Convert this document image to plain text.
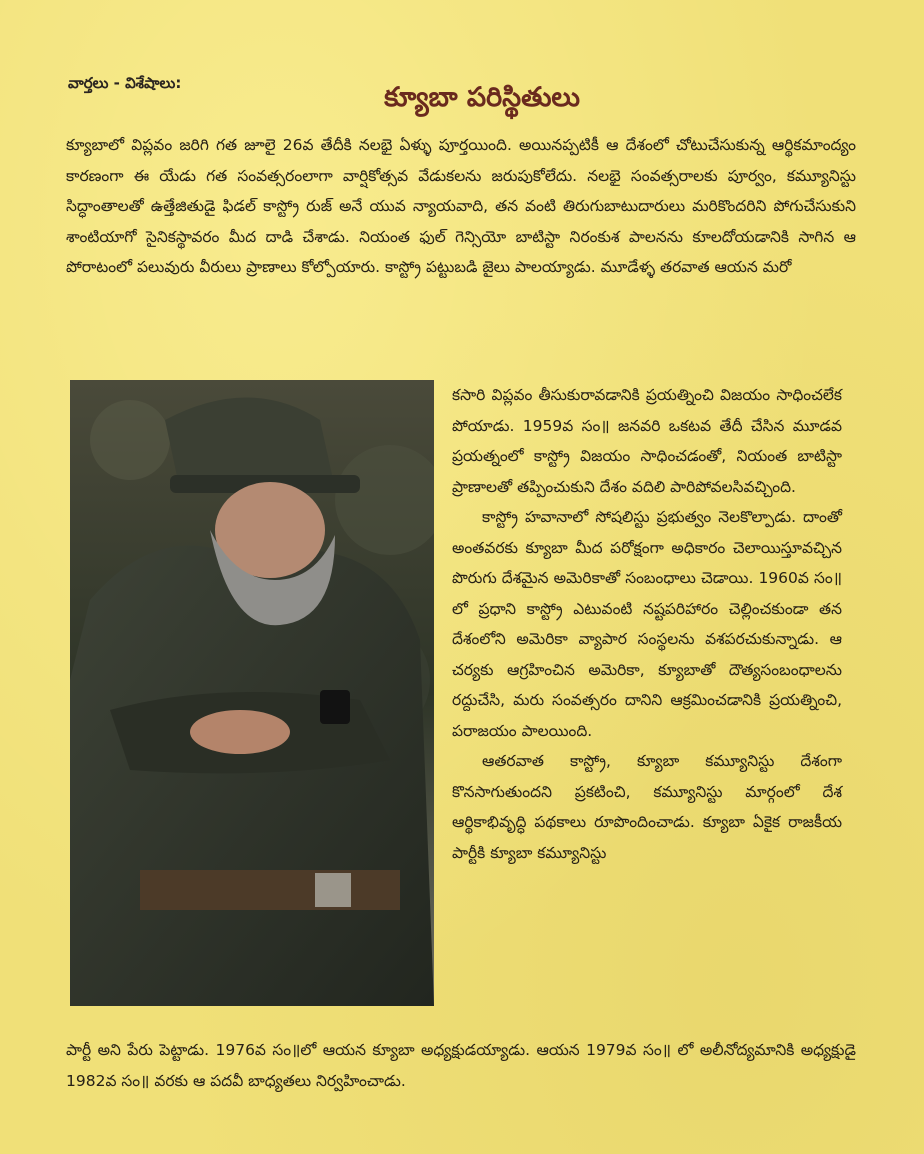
వార్తలు - విశేషాలు:	క్యూబా పరిస్థితులు
క్యూబాలో విప్లవం జరిగి గత జూలై 26వ తేదీకి నలభై ఏళ్ళు పూర్తయింది. అయినప్పటికీ ఆ దేశంలో చోటుచేసుకున్న ఆర్థికమాంద్యం కారణంగా ఈ యేడు గత సంవత్సరంలాగా వార్షికోత్సవ వేడుకలను జరుపుకోలేదు. నలభై సంవత్సరాలకు పూర్వం, కమ్యూనిస్టు సిద్ధాంతాలతో ఉత్తేజితుడై ఫిడల్ కాస్ట్రో రుజ్ అనే యువ న్యాయవాది, తన వంటి తిరుగుబాటుదారులు మరికొందరిని పోగుచేసుకుని శాంటియాగో సైనికస్థావరం మీద దాడి చేశాడు. నియంత ఫుల్ గెన్సియో బాటిస్టా నిరంకుశ పాలనను కూలదోయడానికి సాగిన ఆ పోరాటంలో పలువురు వీరులు ప్రాణాలు కోల్పోయారు. కాస్ట్రో పట్టుబడి జైలు పాలయ్యాడు. మూడేళ్ళ తరవాత ఆయన మరో

కసారి విప్లవం తీసుకురావడానికి ప్రయత్నించి విజయం సాధించలేక పోయాడు. 1959వ సం॥ జనవరి ఒకటవ తేదీ చేసిన మూడవ ప్రయత్నంలో కాస్ట్రో విజయం సాధించడంతో, నియంత బాటిస్టా ప్రాణాలతో తప్పించుకుని దేశం వదిలి పారిపోవలసివచ్చింది.

కాస్ట్రో హవానాలో సోషలిస్టు ప్రభుత్వం నెలకొల్పాడు. దాంతో అంతవరకు క్యూబా మీద పరోక్షంగా అధికారం చెలాయిస్తూవచ్చిన పొరుగు దేశమైన అమెరికాతో సంబంధాలు చెడాయి. 1960వ సం॥లో ప్రధాని కాస్ట్రో ఎటువంటి నష్టపరిహారం చెల్లించకుండా తన దేశంలోని అమెరికా వ్యాపార సంస్థలను వశపరచుకున్నాడు. ఆ చర్యకు ఆగ్రహించిన అమెరికా, క్యూబాతో దౌత్యసంబంధాలను రద్దుచేసి, మరు సంవత్సరం దానిని ఆక్రమించడానికి ప్రయత్నించి, పరాజయం పాలయింది.

ఆతరవాత కాస్ట్రో, క్యూబా కమ్యూనిస్టు దేశంగా కొనసాగుతుందని ప్రకటించి, కమ్యూనిస్టు మార్గంలో దేశ ఆర్థికాభివృద్ధి పథకాలు రూపొందించాడు. క్యూబా ఏకైక రాజకీయ పార్టీకి క్యూబా కమ్యూనిస్టు

పార్టీ అని పేరు పెట్టాడు. 1976వ సం॥లో ఆయన క్యూబా అధ్యక్షుడయ్యాడు. ఆయన 1979వ సం॥ లో అలీనోద్యమానికి అధ్యక్షుడై 1982వ సం॥ వరకు ఆ పదవీ బాధ్యతలు నిర్వహించాడు.
